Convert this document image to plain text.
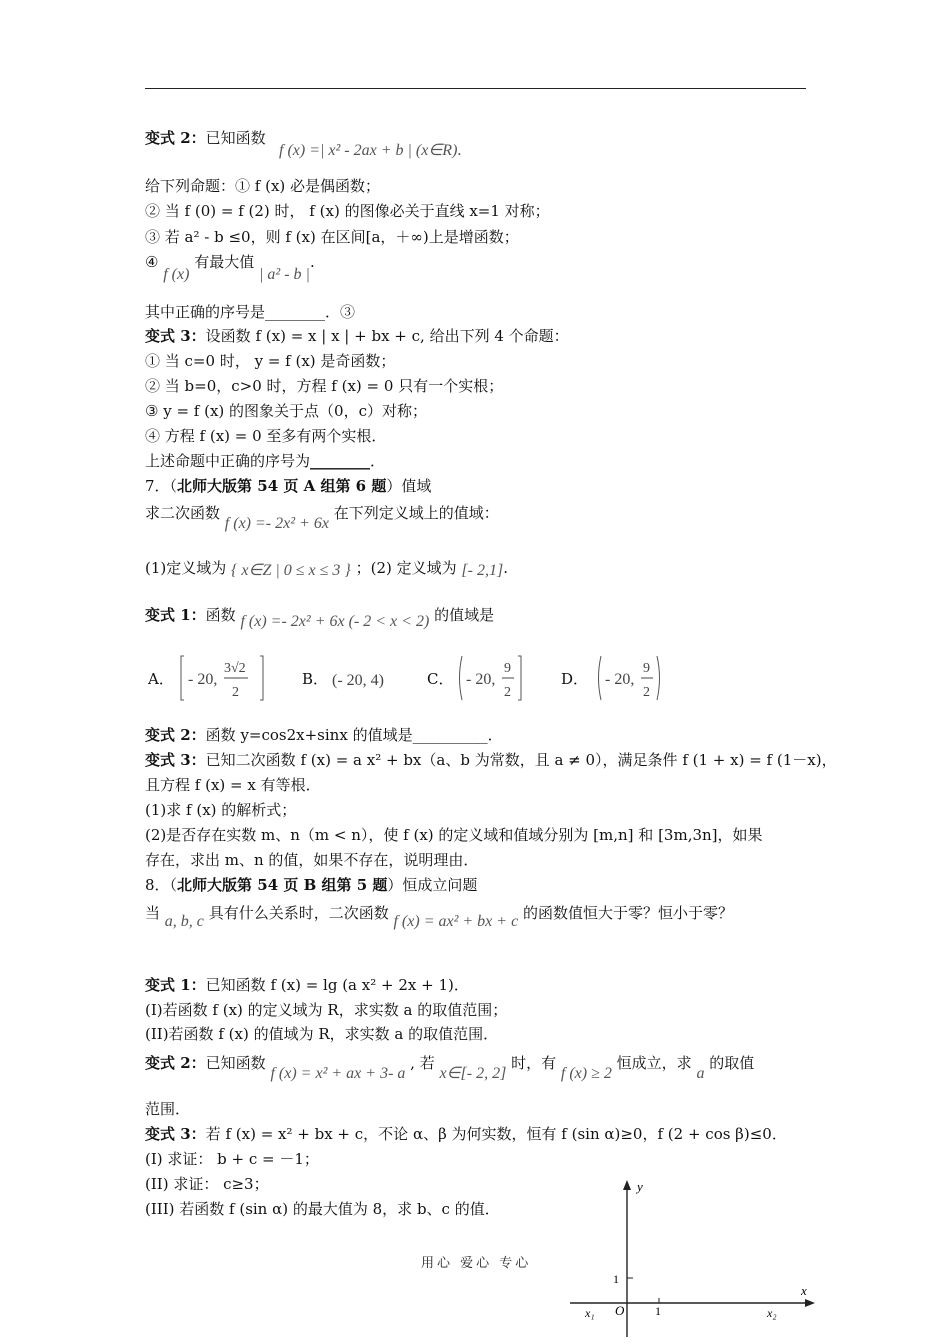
变式 2：已知函数
f (x) =| x² - 2ax + b | (x∈R).
给下列命题：① f (x) 必是偶函数；
② 当 f (0) = f (2) 时， f (x) 的图像必关于直线 x=1 对称；
③ 若 a² - b ≤0，则 f (x) 在区间[a，＋∞)上是增函数；
④ f (x) 有最大值 | a² - b |.
其中正确的序号是________．③
变式 3：设函数 f (x) = x | x | + bx + c, 给出下列 4 个命题：
① 当 c=0 时， y = f (x) 是奇函数；
② 当 b=0，c>0 时，方程 f (x) = 0 只有一个实根；
③ y = f (x) 的图象关于点（0，c）对称；
④ 方程 f (x) = 0 至多有两个实根．
上述命题中正确的序号为________．
7．（北师大版第 54 页 A 组第 6 题）值域
求二次函数 f (x) =- 2x² + 6x 在下列定义域上的值域：
(1)定义域为 { x∈Z | 0 ≤ x ≤ 3 } ；(2) 定义域为 [- 2,1].
变式 1：函数 f (x) =- 2x² + 6x (- 2 < x < 2) 的值域是
A． - 20,
3√2
2
B． (- 20, 4)	C． - 20,
9
2
D． - 20,
9
2
变式 2：函数 y=cos2x+sinx 的值域是__________．
变式 3：已知二次函数 f (x) = a x² + bx（a、b 为常数，且 a ≠ 0），满足条件 f (1 + x) = f (1－x)，
且方程 f (x) = x 有等根．
(1)求 f (x) 的解析式；
(2)是否存在实数 m、n（m < n），使 f (x) 的定义域和值域分别为 [m,n] 和 [3m,3n]，如果
存在，求出 m、n 的值，如果不存在，说明理由．
8．（北师大版第 54 页 B 组第 5 题）恒成立问题
当 a, b, c 具有什么关系时，二次函数 f (x) = ax² + bx + c 的函数值恒大于零？恒小于零？
变式 1：已知函数 f (x) = lg (a x² + 2x + 1)．
(I)若函数 f (x) 的定义域为 R，求实数 a 的取值范围；
(II)若函数 f (x) 的值域为 R，求实数 a 的取值范围．
变式 2：已知函数 f (x) = x² + ax + 3- a , 若 x∈[- 2, 2] 时，有 f (x) ≥ 2 恒成立，求 a 的取值
范围．
变式 3：若 f (x) = x² + bx + c，不论 α、β 为何实数，恒有 f (sin α)≥0，f (2 + cos β)≤0．
(I) 求证： b + c = －1；
(II) 求证： c≥3；
(III) 若函数 f (sin α) 的最大值为 8，求 b、c 的值．
y
x
O
1
1
x₁	x₂
用心 爱心 专心
